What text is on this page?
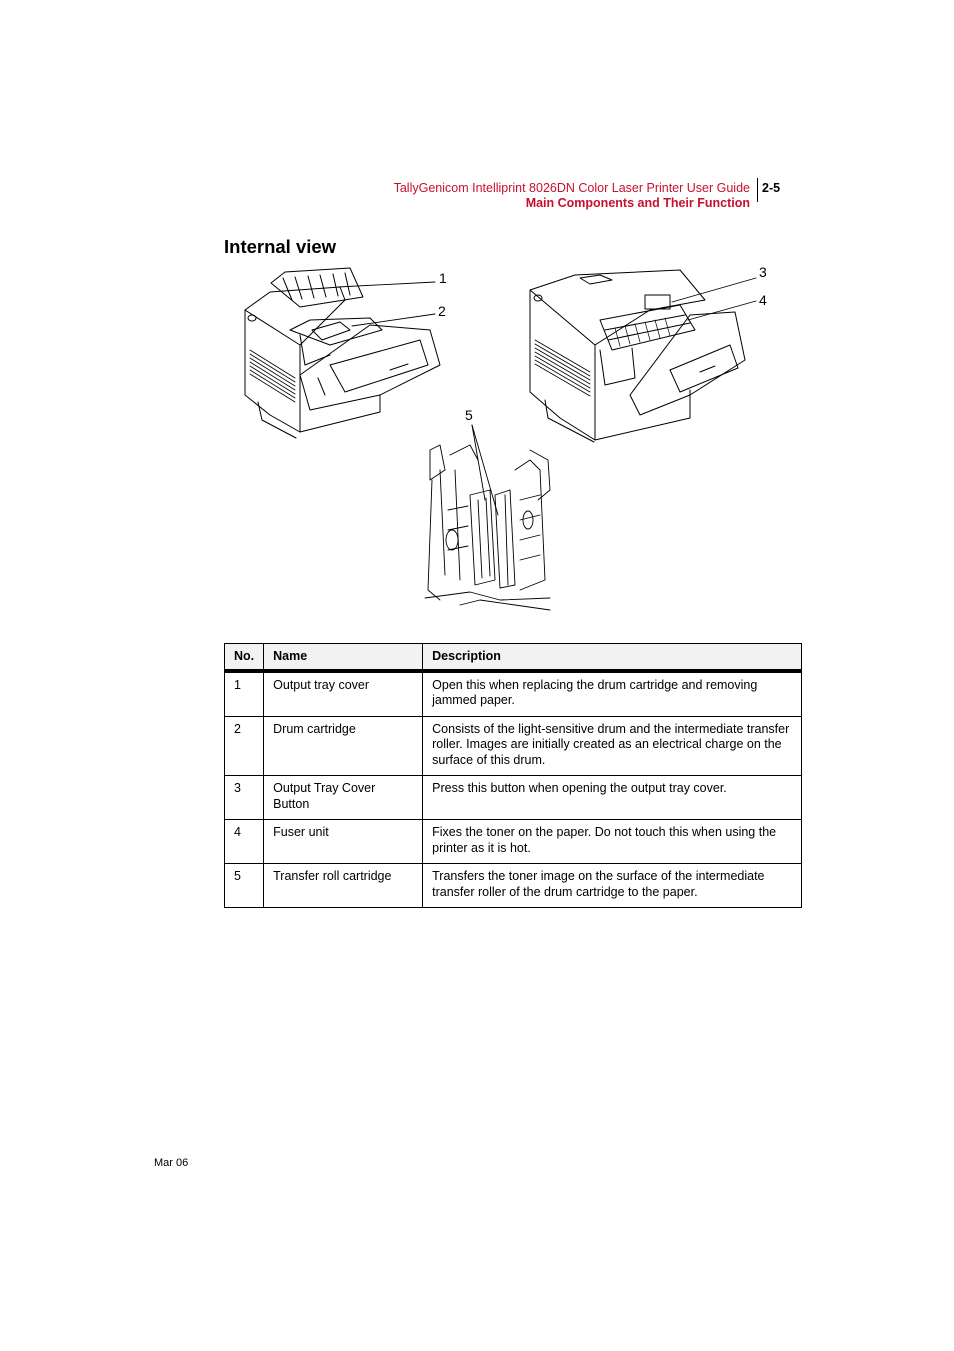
TallyGenicom Intelliprint 8026DN Color Laser Printer User Guide
Main Components and Their Function
2-5
Internal view
1
2
3
4
5
No.	Name	Description
1	Output tray cover	Open this when replacing the drum cartridge and removing jammed paper.
2	Drum cartridge	Consists of the light-sensitive drum and the intermediate transfer roller. Images are initially created as an electrical charge on the surface of this drum.
3	Output Tray Cover Button	Press this button when opening the output tray cover.
4	Fuser unit	Fixes the toner on the paper. Do not touch this when using the printer as it is hot.
5	Transfer roll cartridge	Transfers the toner image on the surface of the intermediate transfer roller of the drum cartridge to the paper.
Mar 06
